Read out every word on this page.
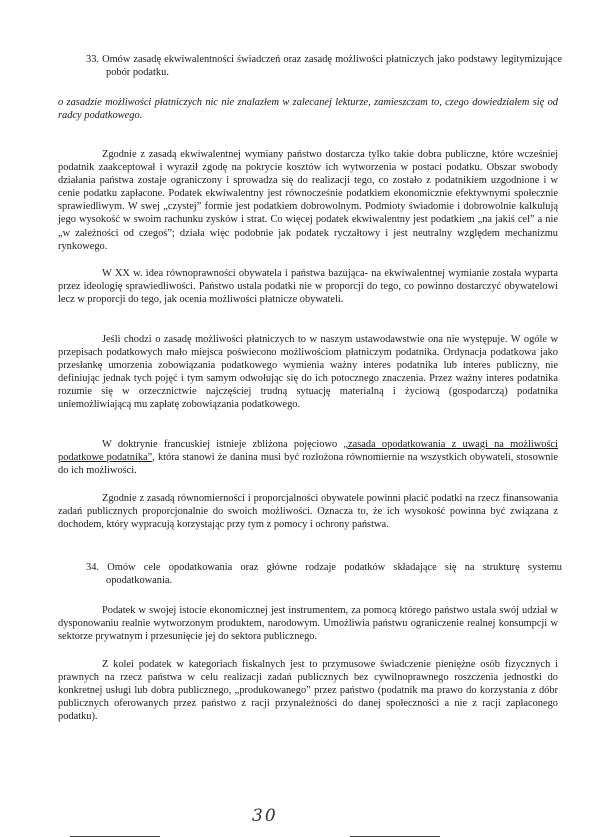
33. Omów zasadę ekwiwalentności świadczeń oraz zasadę możliwości płatniczych jako podstawy legitymizujące pobór podatku.

o zasadzie możliwości płatniczych nic nie znalazłem w zalecanej lekturze, zamieszczam to, czego dowiedziałem się od radcy podatkowego.

Zgodnie z zasadą ekwiwalentnej wymiany państwo dostarcza tylko takie dobra publiczne, które wcześniej podatnik zaakceptował i wyraził zgodę na pokrycie kosztów ich wytworzenia w postaci podatku. Obszar swobody działania państwa zostaje ograniczony i sprowadza się do realizacji tego, co zostało z podatnikiem uzgodnione i w cenie podatku zapłacone. Podatek ekwiwalentny jest równocześnie podatkiem ekonomicznie efektywnymi społecznie sprawiedliwym. W swej „czystej” formie jest podatkiem dobrowolnym. Podmioty świadomie i dobrowolnie kalkulują jego wysokość w swoim rachunku zysków i strat. Co więcej podatek ekwiwalentny jest podatkiem „na jakiś cel” a nie „w zależności od czegoś”; działa więc podobnie jak podatek ryczałtowy i jest neutralny względem mechanizmu rynkowego.

W XX w. idea równoprawności obywatela i państwa bazująca- na ekwiwalentnej wymianie została wyparta przez ideologię sprawiedliwości. Państwo ustala podatki nie w proporcji do tego, co powinno dostarczyć obywatelowi lecz w proporcji do tego, jak ocenia możliwości płatnicze obywateli.

Jeśli chodzi o zasadę możliwości płatniczych to w naszym ustawodawstwie ona nie występuje. W ogóle w przepisach podatkowych mało miejsca poświecono możliwościom płatniczym podatnika. Ordynacja podatkowa jako przesłankę umorzenia zobowiązania podatkowego wymienia ważny interes podatnika lub interes publiczny, nie definiując jednak tych pojęć i tym samym odwołując się do ich potocznego znaczenia. Przez ważny interes podatnika rozumie się w orzecznictwie najczęściej trudną sytuację materialną i życiową (gospodarczą) podatnika uniemożliwiającą mu zapłatę zobowiązania podatkowego.

W doktrynie francuskiej istnieje zbliżona pojęciowo „zasada opodatkowania z uwagi na możliwości podatkowe podatnika”, która stanowi że danina musi być rozłożona równomiernie na wszystkich obywateli, stosownie do ich możliwości.

Zgodnie z zasadą równomierności i proporcjalności obywatele powinni płacić podatki na rzecz finansowania zadań publicznych proporcjonalnie do swoich możliwości. Oznacza to, że ich wysokość powinna być związana z dochodem, który wypracują korzystając przy tym z pomocy i ochrony państwa.

34. Omów cele opodatkowania oraz główne rodzaje podatków składające się na strukturę systemu opodatkowania.

Podatek w swojej istocie ekonomicznej jest instrumentem, za pomocą którego państwo ustala swój udział w dysponowaniu realnie wytworzonym produktem, narodowym. Umożliwia państwu ograniczenie realnej konsumpcji w sektorze prywatnym i przesunięcie jej do sektora publicznego.

Z kolei podatek w kategoriach fiskalnych jest to przymusowe świadczenie pieniężne osób fizycznych i prawnych na rzecz państwa w celu realizacji zadań publicznych bez cywilnoprawnego roszczenia jednostki do konkretnej usługi lub dobra publicznego, „produkowanego” przez państwo (podatnik ma prawo do korzystania z dóbr publicznych oferowanych przez państwo z racji przynależności do danej społeczności a nie z racji zapłaconego podatku).

30
